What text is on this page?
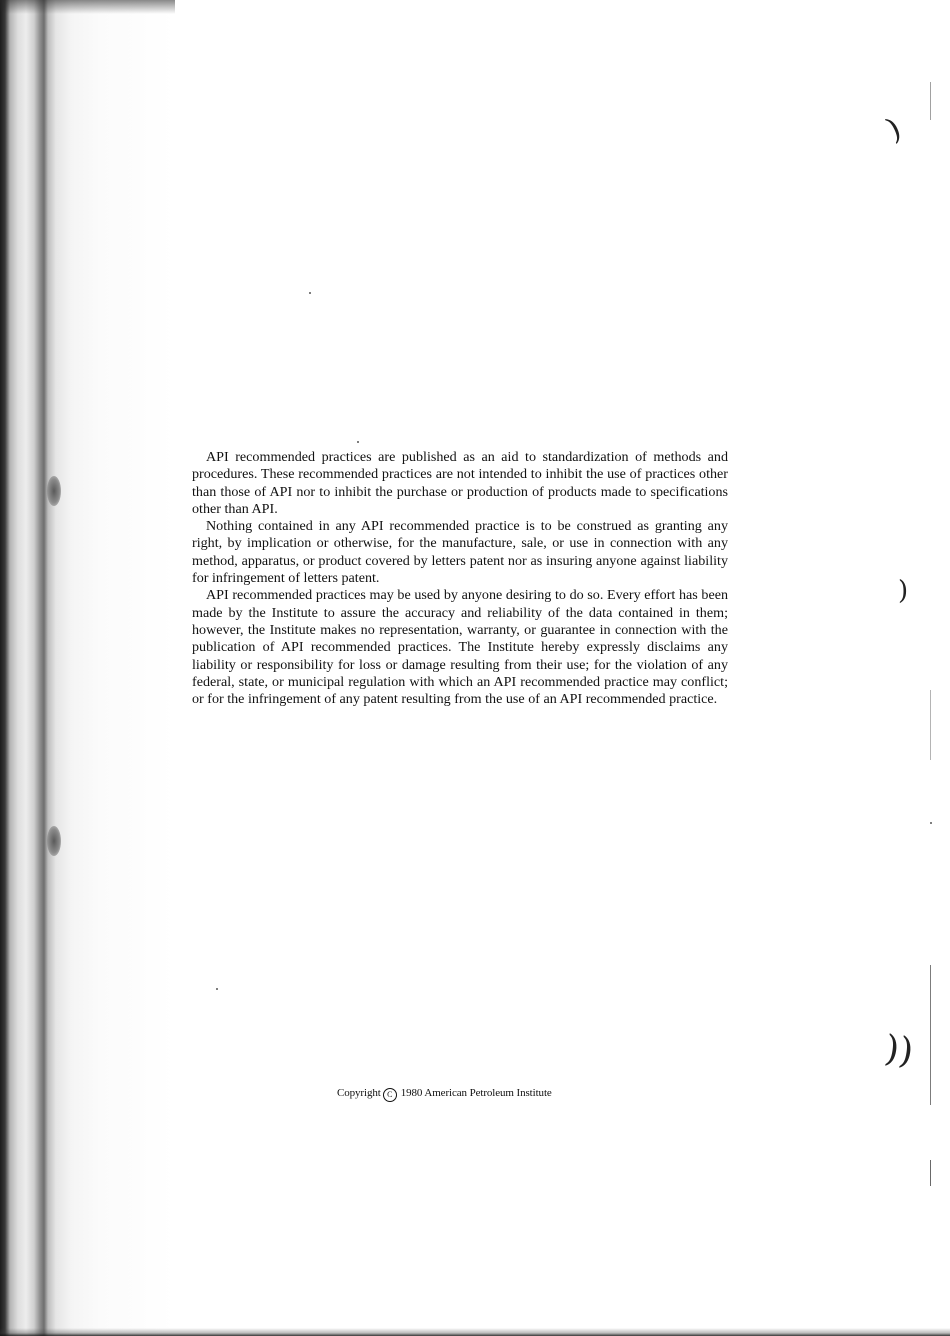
API recommended practices are published as an aid to standardization of methods and procedures. These recommended practices are not intended to inhibit the use of practices other than those of API nor to inhibit the purchase or production of products made to specifications other than API.

Nothing contained in any API recommended practice is to be construed as granting any right, by implication or otherwise, for the manufacture, sale, or use in connection with any method, apparatus, or product covered by letters patent nor as insuring anyone against liability for infringement of letters patent.

API recommended practices may be used by anyone desiring to do so. Every effort has been made by the Institute to assure the accuracy and reliability of the data contained in them; however, the Institute makes no representation, warranty, or guarantee in connection with the publication of API recommended practices. The Institute hereby expressly disclaims any liability or responsibility for loss or damage resulting from their use; for the violation of any federal, state, or municipal regulation with which an API recommended practice may conflict; or for the infringement of any patent resulting from the use of an API recommended practice.

Copyright C 1980 American Petroleum Institute
)
)
))
